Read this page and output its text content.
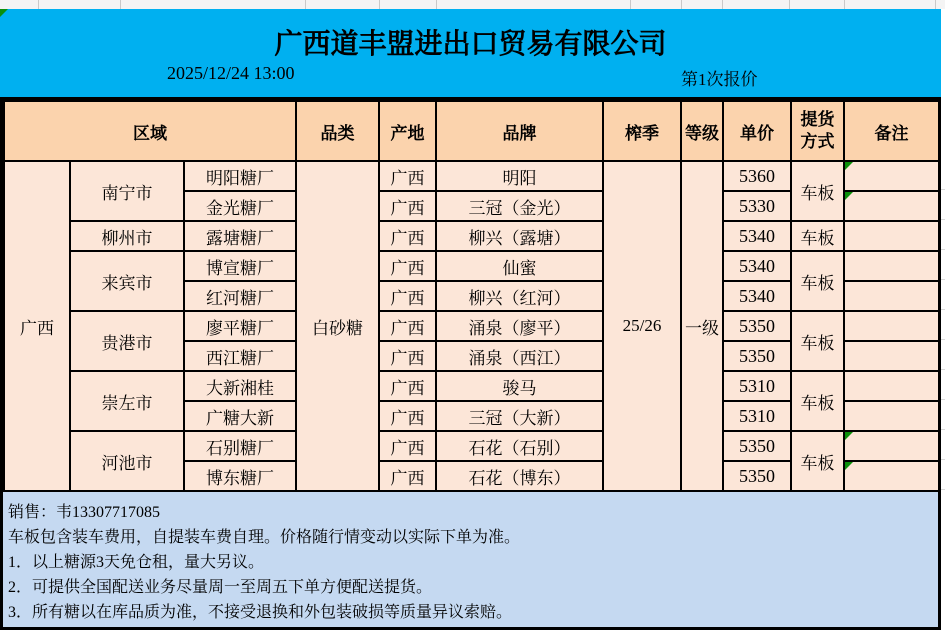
广西道丰盟进出口贸易有限公司
2025/12/24 13:00	第1次报价
区域			品类	产地	品牌	榨季	等级	单价	提货方式	备注
广西	南宁市	明阳糖厂	白砂糖	广西	明阳	25/26	一级	5360	车板	

		金光糖厂		广西	三冠（金光）			5330		

	柳州市	露塘糖厂		广西	柳兴（露塘）			5340	车板	
	来宾市	博宣糖厂		广西	仙蜜			5340	车板	
		红河糖厂		广西	柳兴（红河）			5340		
	贵港市	廖平糖厂		广西	涌泉（廖平）			5350	车板	
		西江糖厂		广西	涌泉（西江）			5350		
	崇左市	大新湘桂		广西	骏马			5310	车板	
		广糖大新		广西	三冠（大新）			5310		
	河池市	石别糖厂		广西	石花（石别）			5350	车板	

		博东糖厂		广西	石花（博东）			5350		
销售：韦13307717085
车板包含装车费用，自提装车费自理。价格随行情变动以实际下单为准。
1．以上糖源3天免仓租，量大另议。
2．可提供全国配送业务尽量周一至周五下单方便配送提货。
3．所有糖以在库品质为准，不接受退换和外包装破损等质量异议索赔。
